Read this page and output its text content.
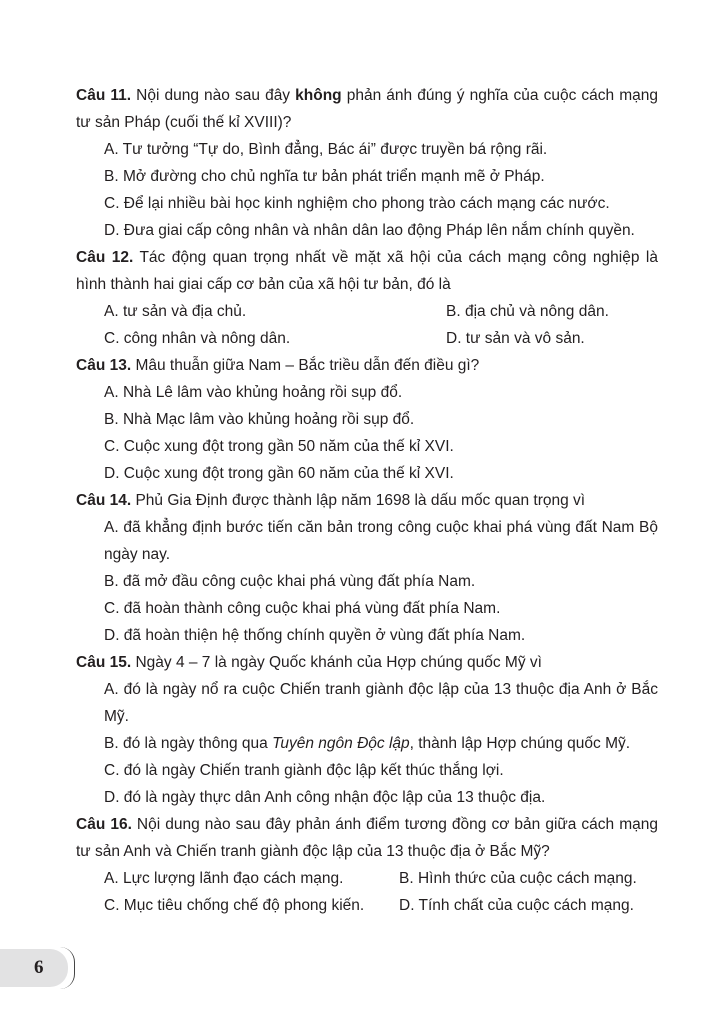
Câu 11. Nội dung nào sau đây không phản ánh đúng ý nghĩa của cuộc cách mạng tư sản Pháp (cuối thế kỉ XVIII)?

A. Tư tưởng “Tự do, Bình đẳng, Bác ái” được truyền bá rộng rãi.

B. Mở đường cho chủ nghĩa tư bản phát triển mạnh mẽ ở Pháp.

C. Để lại nhiều bài học kinh nghiệm cho phong trào cách mạng các nước.

D. Đưa giai cấp công nhân và nhân dân lao động Pháp lên nắm chính quyền.

Câu 12. Tác động quan trọng nhất về mặt xã hội của cách mạng công nghiệp là hình thành hai giai cấp cơ bản của xã hội tư bản, đó là

A. tư sản và địa chủ.	B. địa chủ và nông dân.
C. công nhân và nông dân.	D. tư sản và vô sản.

Câu 13. Mâu thuẫn giữa Nam – Bắc triều dẫn đến điều gì?

A. Nhà Lê lâm vào khủng hoảng rồi sụp đổ.

B. Nhà Mạc lâm vào khủng hoảng rồi sụp đổ.

C. Cuộc xung đột trong gần 50 năm của thế kỉ XVI.

D. Cuộc xung đột trong gần 60 năm của thế kỉ XVI.

Câu 14. Phủ Gia Định được thành lập năm 1698 là dấu mốc quan trọng vì

A. đã khẳng định bước tiến căn bản trong công cuộc khai phá vùng đất Nam Bộ ngày nay.

B. đã mở đầu công cuộc khai phá vùng đất phía Nam.

C. đã hoàn thành công cuộc khai phá vùng đất phía Nam.

D. đã hoàn thiện hệ thống chính quyền ở vùng đất phía Nam.

Câu 15. Ngày 4 – 7 là ngày Quốc khánh của Hợp chúng quốc Mỹ vì

A. đó là ngày nổ ra cuộc Chiến tranh giành độc lập của 13 thuộc địa Anh ở Bắc Mỹ.

B. đó là ngày thông qua Tuyên ngôn Độc lập, thành lập Hợp chúng quốc Mỹ.

C. đó là ngày Chiến tranh giành độc lập kết thúc thắng lợi.

D. đó là ngày thực dân Anh công nhận độc lập của 13 thuộc địa.

Câu 16. Nội dung nào sau đây phản ánh điểm tương đồng cơ bản giữa cách mạng tư sản Anh và Chiến tranh giành độc lập của 13 thuộc địa ở Bắc Mỹ?

A. Lực lượng lãnh đạo cách mạng.	B. Hình thức của cuộc cách mạng.
C. Mục tiêu chống chế độ phong kiến.	D. Tính chất của cuộc cách mạng.
6
